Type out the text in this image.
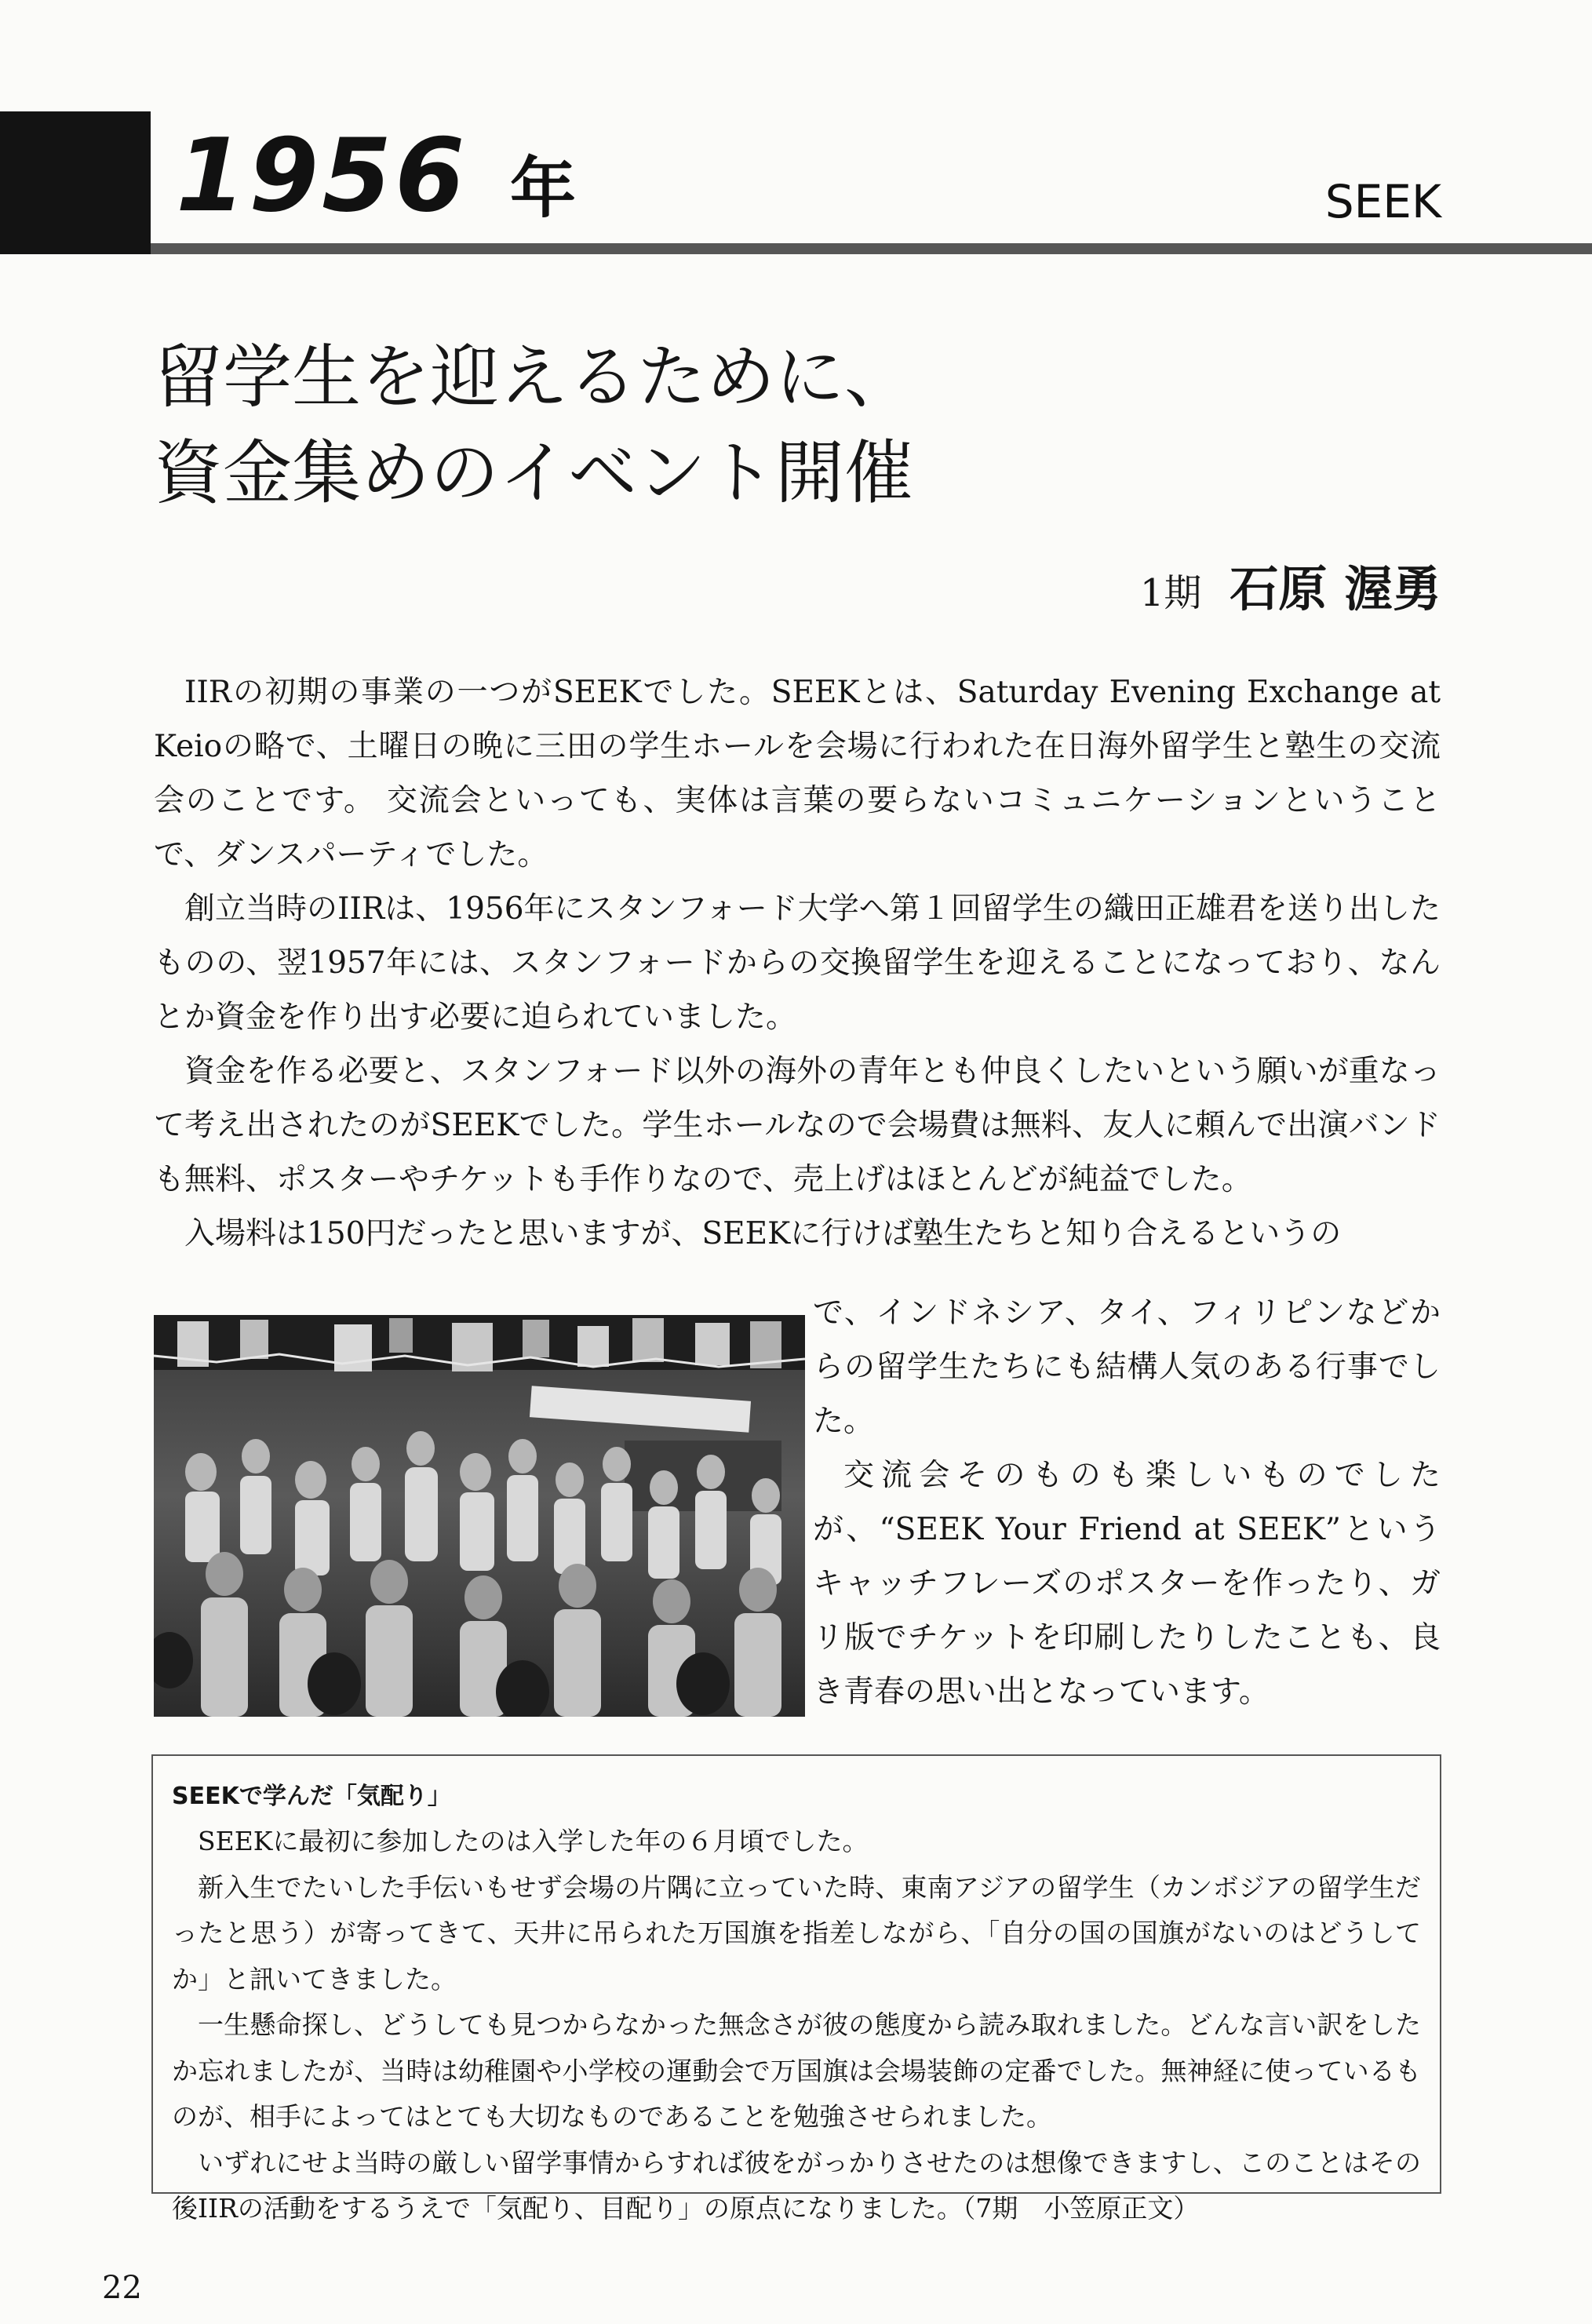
1956 年	SEEK
留学生を迎えるために、
資金集めのイベント開催
1期 石原 渥勇

IIRの初期の事業の一つがSEEKでした。SEEKとは、Saturday Evening Exchange at Keioの略で、土曜日の晩に三田の学生ホールを会場に行われた在日海外留学生と塾生の交流会のことです。 交流会といっても、実体は言葉の要らないコミュニケーションということで、ダンスパーティでした。

創立当時のIIRは、1956年にスタンフォード大学へ第１回留学生の織田正雄君を送り出したものの、翌1957年には、スタンフォードからの交換留学生を迎えることになっており、なんとか資金を作り出す必要に迫られていました。

資金を作る必要と、スタンフォード以外の海外の青年とも仲良くしたいという願いが重なって考え出されたのがSEEKでした。学生ホールなので会場費は無料、友人に頼んで出演バンドも無料、ポスターやチケットも手作りなので、売上げはほとんどが純益でした。

入場料は150円だったと思いますが、SEEKに行けば塾生たちと知り合えるというの

で、インドネシア、タイ、フィリピンなどからの留学生たちにも結構人気のある行事でした。

交流会そのものも楽しいものでしたが、“SEEK Your Friend at SEEK”というキャッチフレーズのポスターを作ったり、ガリ版でチケットを印刷したりしたことも、良き青春の思い出となっています。

SEEKで学んだ「気配り」

SEEKに最初に参加したのは入学した年の６月頃でした。

新入生でたいした手伝いもせず会場の片隅に立っていた時、東南アジアの留学生（カンボジアの留学生だったと思う）が寄ってきて、天井に吊られた万国旗を指差しながら、「自分の国の国旗がないのはどうしてか」と訊いてきました。

一生懸命探し、どうしても見つからなかった無念さが彼の態度から読み取れました。どんな言い訳をしたか忘れましたが、当時は幼稚園や小学校の運動会で万国旗は会場装飾の定番でした。無神経に使っているものが、相手によってはとても大切なものであることを勉強させられました。

いずれにせよ当時の厳しい留学事情からすれば彼をがっかりさせたのは想像できますし、このことはその後IIRの活動をするうえで「気配り、目配り」の原点になりました。（7期　小笠原正文）

22
